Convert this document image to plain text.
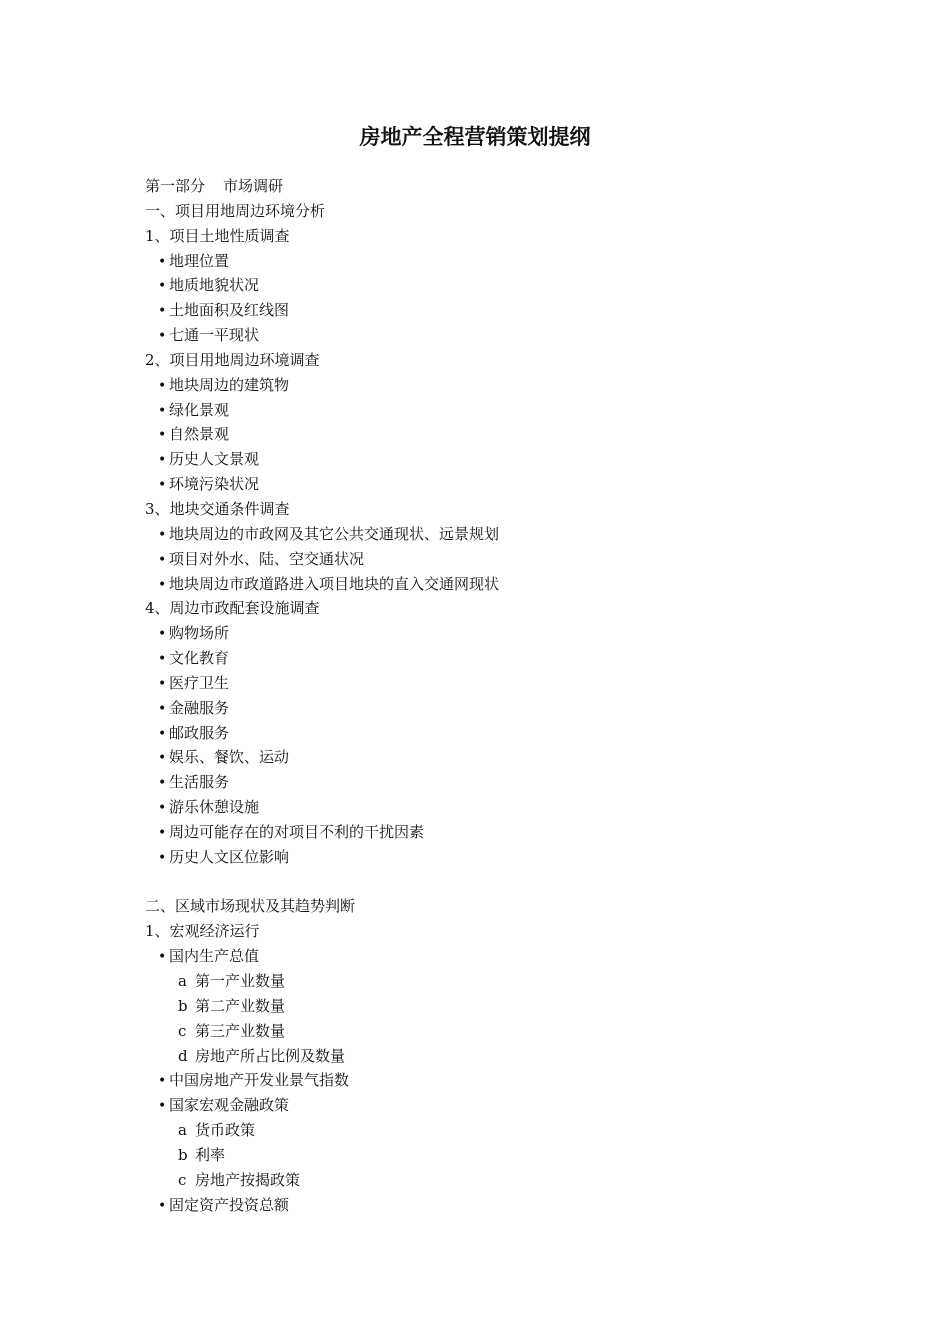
房地产全程营销策划提纲
第一部分 市场调研
一、项目用地周边环境分析
1、项目土地性质调查
• 地理位置
• 地质地貌状况
• 土地面积及红线图
• 七通一平现状
2、项目用地周边环境调查
• 地块周边的建筑物
• 绿化景观
• 自然景观
• 历史人文景观
• 环境污染状况
3、地块交通条件调查
• 地块周边的市政网及其它公共交通现状、远景规划
• 项目对外水、陆、空交通状况
• 地块周边市政道路进入项目地块的直入交通网现状
4、周边市政配套设施调查
• 购物场所
• 文化教育
• 医疗卫生
• 金融服务
• 邮政服务
• 娱乐、餐饮、运动
• 生活服务
• 游乐休憩设施
• 周边可能存在的对项目不利的干扰因素
• 历史人文区位影响
二、区域市场现状及其趋势判断
1、宏观经济运行
• 国内生产总值
a 第一产业数量
b 第二产业数量
c 第三产业数量
d 房地产所占比例及数量
• 中国房地产开发业景气指数
• 国家宏观金融政策
a 货币政策
b 利率
c 房地产按揭政策
• 固定资产投资总额
